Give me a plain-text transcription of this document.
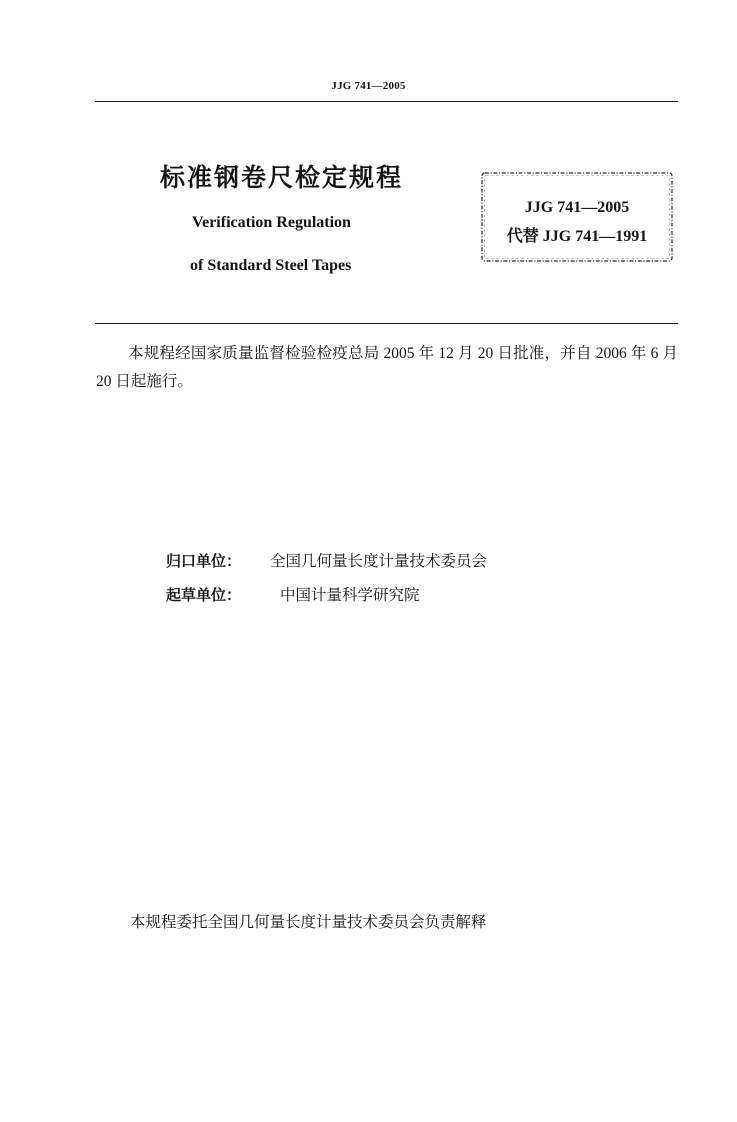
JJG 741—2005
标准钢卷尺检定规程
Verification Regulation
of Standard Steel Tapes
JJG 741—2005
代替 JJG 741—1991
本规程经国家质量监督检验检疫总局 2005 年 12 月 20 日批准，并自 2006 年 6 月 20 日起施行。
归口单位： 全国几何量长度计量技术委员会
起草单位：	中国计量科学研究院
本规程委托全国几何量长度计量技术委员会负责解释
